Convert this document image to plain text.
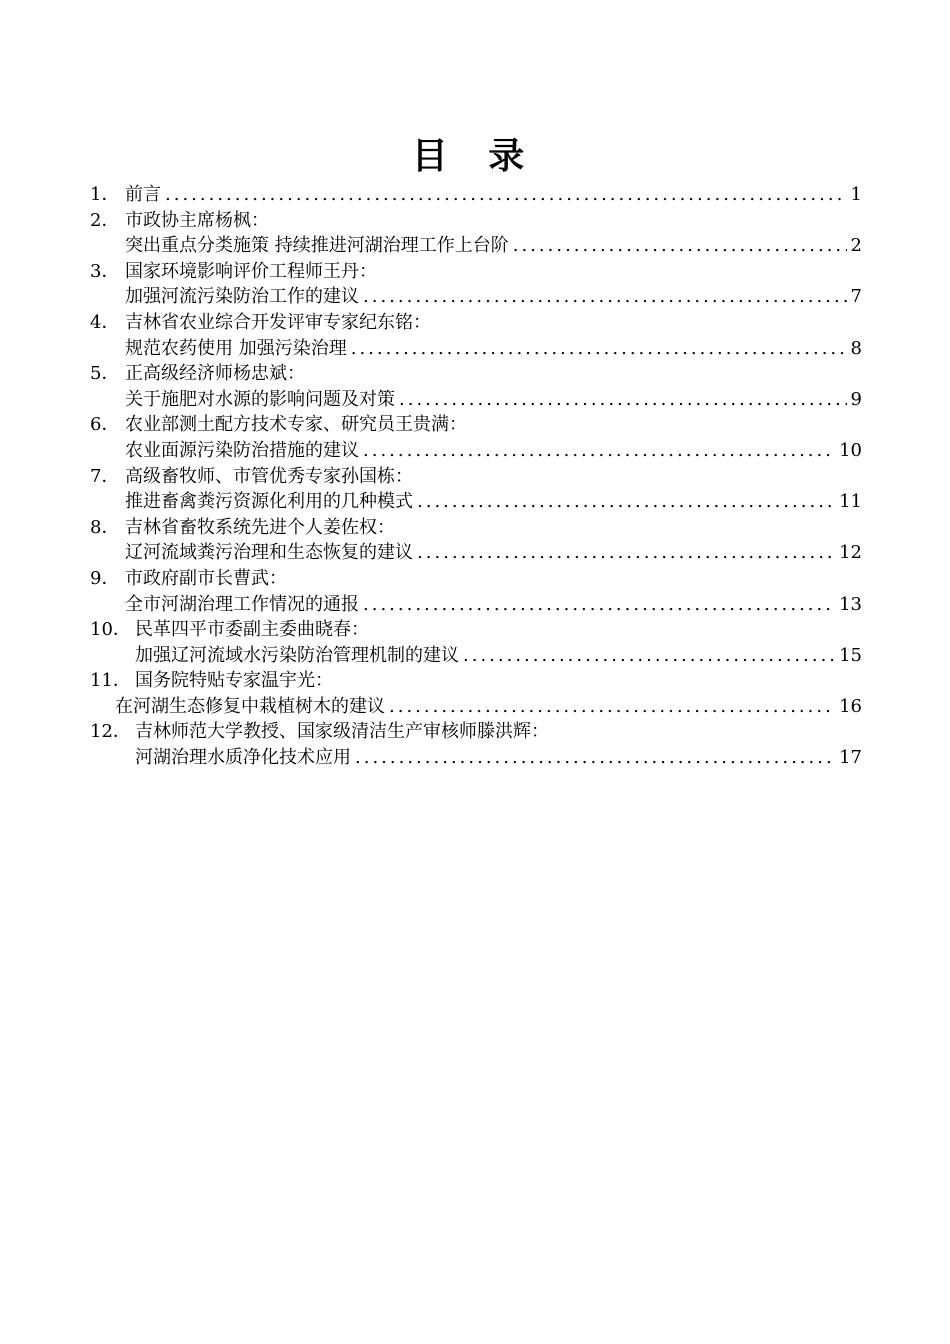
目 录
1． 前言 .....	1
2． 市政协主席杨枫：
突出重点分类施策 持续推进河湖治理工作上台阶 .....	2
3． 国家环境影响评价工程师王丹：
加强河流污染防治工作的建议 .....	7
4． 吉林省农业综合开发评审专家纪东铭：
规范农药使用 加强污染治理 .....	8
5． 正高级经济师杨忠斌：
关于施肥对水源的影响问题及对策 .....	9
6． 农业部测土配方技术专家、研究员王贵满：
农业面源污染防治措施的建议 .....	10
7． 高级畜牧师、市管优秀专家孙国栋：
推进畜禽粪污资源化利用的几种模式 .....	11
8． 吉林省畜牧系统先进个人姜佐权：
辽河流域粪污治理和生态恢复的建议 .....	12
9． 市政府副市长曹武：
全市河湖治理工作情况的通报 .....	13
10． 民革四平市委副主委曲晓春：
加强辽河流域水污染防治管理机制的建议 .....	15
11． 国务院特贴专家温宇光：
在河湖生态修复中栽植树木的建议 .....	16
12． 吉林师范大学教授、国家级清洁生产审核师滕洪辉：
河湖治理水质净化技术应用 .....	17
